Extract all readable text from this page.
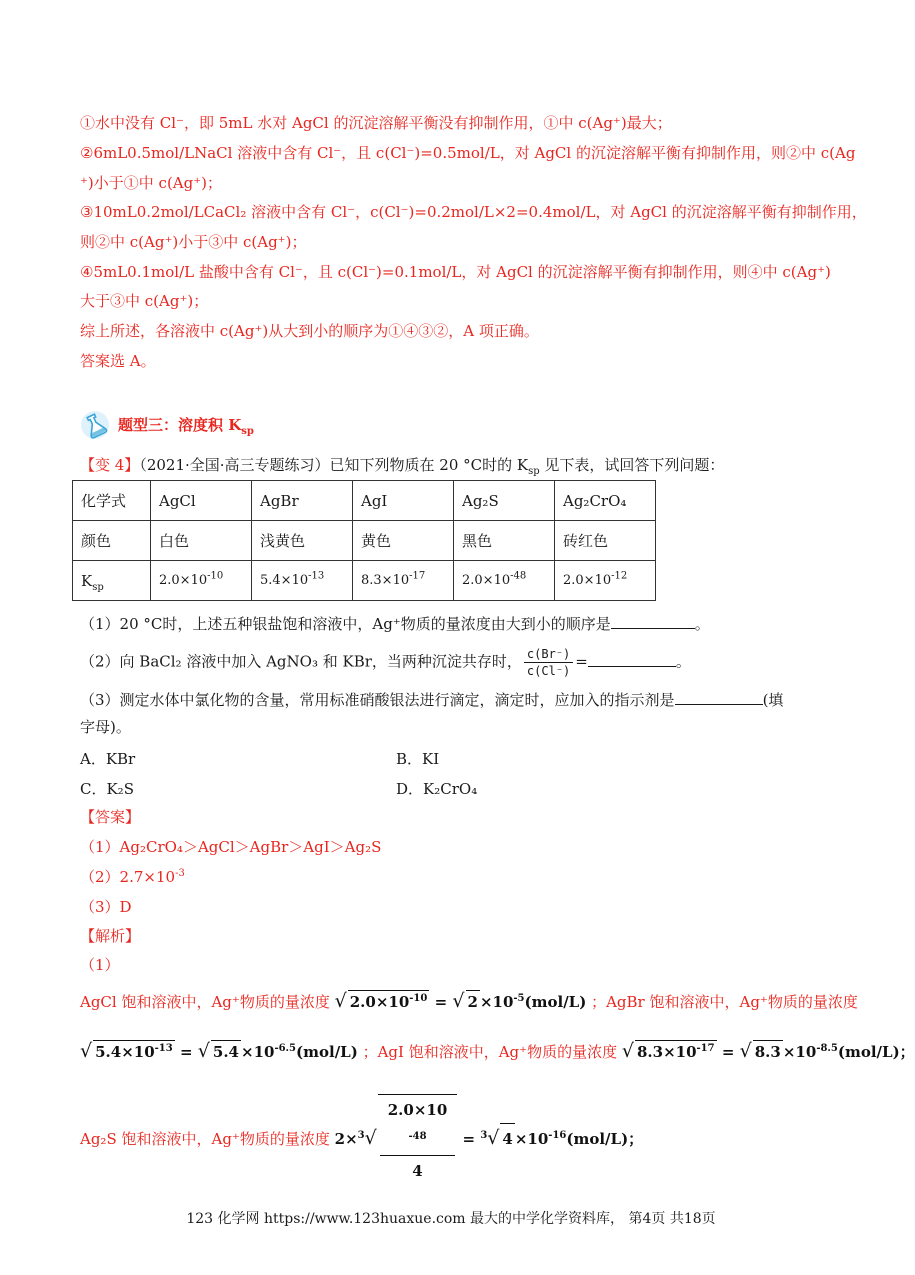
①水中没有 Cl⁻，即 5mL 水对 AgCl 的沉淀溶解平衡没有抑制作用，①中 c(Ag⁺)最大；
②6mL0.5mol/LNaCl 溶液中含有 Cl⁻，且 c(Cl⁻)=0.5mol/L，对 AgCl 的沉淀溶解平衡有抑制作用，则②中 c(Ag
⁺)小于①中 c(Ag⁺)；
③10mL0.2mol/LCaCl₂ 溶液中含有 Cl⁻，c(Cl⁻)=0.2mol/L×2=0.4mol/L，对 AgCl 的沉淀溶解平衡有抑制作用，
则②中 c(Ag⁺)小于③中 c(Ag⁺)；
④5mL0.1mol/L 盐酸中含有 Cl⁻，且 c(Cl⁻)=0.1mol/L，对 AgCl 的沉淀溶解平衡有抑制作用，则④中 c(Ag⁺)
大于③中 c(Ag⁺)；
综上所述，各溶液中 c(Ag⁺)从大到小的顺序为①④③②，A 项正确。
答案选 A。
题型三：溶度积 $K_{sp}$
【变 4】（2021·全国·高三专题练习）已知下列物质在 20 °C时的 $K_{sp}$ 见下表，试回答下列问题：
化学式	AgCl	AgBr	AgI	Ag₂S	Ag₂CrO₄
颜色	白色	浅黄色	黄色	黑色	砖红色
$K_{sp}$	$2.0\times 10^{-10}$	$5.4\times 10^{-13}$	$8.3\times 10^{-17}$	$2.0\times 10^{-48}$	$2.0\times 10^{-12}$
（1）20 °C时，上述五种银盐饱和溶液中，Ag⁺物质的量浓度由大到小的顺序是	。
（2）向 BaCl₂ 溶液中加入 AgNO₃ 和 KBr，当两种沉淀共存时， $\frac{c(Br^-)}{c(Cl^-)}$ =	。
（3）测定水体中氯化物的含量，常用标准硝酸银法进行滴定，滴定时，应加入的指示剂是	(填
字母)。
A．KBr	B．KI
C．K₂S	D．K₂CrO₄
【答案】
（1）Ag₂CrO₄＞AgCl＞AgBr＞AgI＞Ag₂S
$(2)2.7\times 10^{-3}$
（3）D
【解析】
（1）
AgCl 饱和溶液中，Ag⁺物质的量浓度 √ $2.0\times 10^{-10}$ = √ $2 \times 10^{-5}(mol/L)$ ；AgBr 饱和溶液中，Ag⁺物质的量浓度
√ $5.4\times 10^{-13}$ = √ $5.4 \times 10^{-6.5}(mol/L)$ ；AgI 饱和溶液中，Ag⁺物质的量浓度 √ $8.3\times 10^{-17}$ = √ $8.3 \times 10^{-8.5}(mol/L)$；
Ag₂S 饱和溶液中，Ag⁺物质的量浓度 2×$^3$√ 2.0×10
$^{-48}$
4 = $^3$√ $4 \times 10^{-16}(mol/L)$；
123 化学网 https://www.123huaxue.com 最大的中学化学资料库， 第4页 共18页
